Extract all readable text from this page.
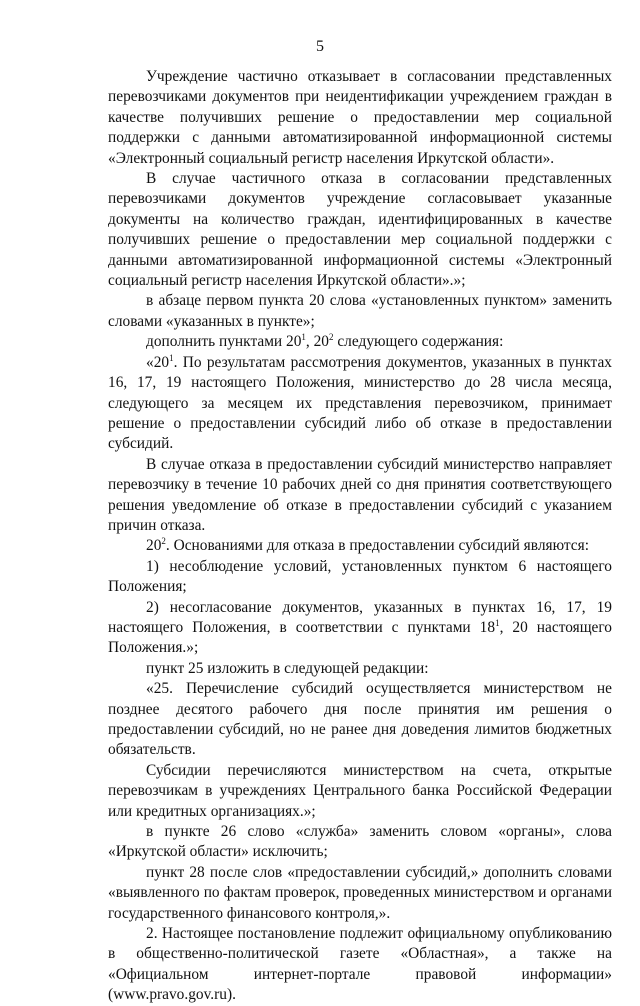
5

Учреждение частично отказывает в согласовании представленных перевозчиками документов при неидентификации учреждением граждан в качестве получивших решение о предоставлении мер социальной поддержки с данными автоматизированной информационной системы «Электронный социальный регистр населения Иркутской области».

В случае частичного отказа в согласовании представленных перевозчиками документов учреждение согласовывает указанные документы на количество граждан, идентифицированных в качестве получивших решение о предоставлении мер социальной поддержки с данными автоматизированной информационной системы «Электронный социальный регистр населения Иркутской области».»;

в абзаце первом пункта 20 слова «установленных пунктом» заменить словами «указанных в пункте»;

дополнить пунктами $20^1$, $20^2$ следующего содержания:

«$20^1$. По результатам рассмотрения документов, указанных в пунктах 16, 17, 19 настоящего Положения, министерство до 28 числа месяца, следующего за месяцем их представления перевозчиком, принимает решение о предоставлении субсидий либо об отказе в предоставлении субсидий.

В случае отказа в предоставлении субсидий министерство направляет перевозчику в течение 10 рабочих дней со дня принятия соответствующего решения уведомление об отказе в предоставлении субсидий с указанием причин отказа.

$20^2$. Основаниями для отказа в предоставлении субсидий являются:

1) несоблюдение условий, установленных пунктом 6 настоящего Положения;

2) несогласование документов, указанных в пунктах 16, 17, 19 настоящего Положения, в соответствии с пунктами $18^1$, 20 настоящего Положения.»;

пункт 25 изложить в следующей редакции:

«25. Перечисление субсидий осуществляется министерством не позднее десятого рабочего дня после принятия им решения о предоставлении субсидий, но не ранее дня доведения лимитов бюджетных обязательств.

Субсидии перечисляются министерством на счета, открытые перевозчикам в учреждениях Центрального банка Российской Федерации или кредитных организациях.»;

в пункте 26 слово «служба» заменить словом «органы», слова «Иркутской области» исключить;

пункт 28 после слов «предоставлении субсидий,» дополнить словами «выявленного по фактам проверок, проведенных министерством и органами государственного финансового контроля,».

2. Настоящее постановление подлежит официальному опубликованию в общественно-политической газете «Областная», а также на «Официальном интернет-портале правовой информации» (www.pravo.gov.ru).
